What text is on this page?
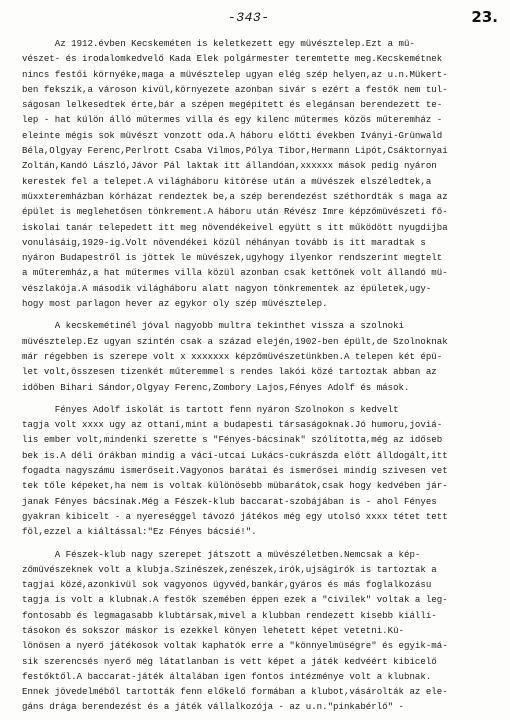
-343-	23.
Az 1912.évben Kecskeméten is keletkezett egy müvésztelep.Ezt a mü-
vészet- és irodalomkedvelő Kada Elek polgármester teremtette meg.Kecskemétnek
nincs festői környéke,maga a müvésztelep ugyan elég szép helyen,az u.n.Mükert-
ben fekszik,a városon kivül,környezete azonban sivár s ezért a festők nem tul-
ságosan lelkesedtek érte,bár a szépen megépitett és elegánsan berendezett te-
lep - hat külön álló műtermes villa és egy kilenc műtermes közös műteremház -
eleinte mégis sok müvészt vonzott oda.A háboru előtti években Iványi-Grünwald
Béla,Olgyay Ferenc,Perlrott Csaba Vilmos,Pólya Tibor,Hermann Lipót,Csáktornyai
Zoltán,Kandó László,Jávor Pál laktak itt állandóan,xxxxxx mások pedig nyáron
kerestek fel a telepet.A világháboru kitörése után a müvészek elszéledtek,a
müxxteremházban kórházat rendeztek be,a szép berendezést széthordták s maga az
épület is meglehetősen tönkrement.A háboru után Révész Imre képzőmüvészeti fő-
iskolai tanár telepedett itt meg növendékeivel együtt s itt működött nyugdijba
vonulásáig,1929-ig.Volt növendékei közül néhányan tovább is itt maradtak s
nyáron Budapestről is jöttek le müvészek,ugyhogy ilyenkor rendszerint megtelt
a műteremház,a hat műtermes villa közül azonban csak kettőnek volt állandó mü-
vészlakója.A második világháboru alatt nagyon tönkrementek az épületek,ugy-
hogy most parlagon hever az egykor oly szép müvésztelep.
A kecskemétinél jóval nagyobb multra tekinthet vissza a szolnoki
müvésztelep.Ez ugyan szintén csak a század elején,1902-ben épült,de Szolnoknak
már régebben is szerepe volt x xxxxxxx képzőmüvészetünkben.A telepen két épü-
let volt,összesen tizenkét műteremmel s rendes lakói közé tartoztak abban az
időben Bihari Sándor,Olgyay Ferenc,Zombory Lajos,Fényes Adolf és mások.
Fényes Adolf iskolát is tartott fenn nyáron Szolnokon s kedvelt
tagja volt xxxx ugy az ottani,mint a budapesti társaságoknak.Jó humoru,joviá-
lis ember volt,mindenki szerette s "Fényes-bácsinak" szólította,még az időseb
bek is.A déli órákban mindig a váci-utcai Lukács-cukrászda előtt álldogált,itt
fogadta nagyszámu ismerőseit.Vagyonos barátai és ismerősei mindig szivesen vet
tek tőle képeket,ha nem is voltak különösebb mübarátok,csak hogy kedvében jár-
janak Fényes bácsinak.Még a Fészek-klub baccarat-szobájában is - ahol Fényes
gyakran kibicelt - a nyereséggel távozó játékos még egy utolsó xxxx tétet tett
föl,ezzel a kiáltással:"Ez Fényes bácsié!".
A Fészek-klub nagy szerepet játszott a müvészéletben.Nemcsak a kép-
zőmüvészeknek volt a klubja.Szinészek,zenészek,irók,ujságirók is tartoztak a
tagjai közé,azonkivül sok vagyonos ügyvéd,bankár,gyáros és más foglalkozásu
tagja is volt a klubnak.A festők szemében éppen ezek a "civilek" voltak a leg-
fontosabb és legmagasabb klubtársak,mivel a klubban rendezett kisebb kiállí-
tásokon és sokszor máskor is ezekkel könyen lehetett képet vetetni.Kü-
lönösen a nyerő játékosok voltak kaphatók erre a "könnyelmüségre" és egyik-má-
sik szerencsés nyerő még látatlanban is vett képet a játék kedvéért kibicelő
festőktől.A baccarat-játék általában igen fontos intézménye volt a klubnak.
Ennek jövedelméből tartották fenn előkelő formában a klubot,vásárolták az ele-
gáns drága berendezést és a játék vállalkozója - az u.n."pinkabérlő" -
